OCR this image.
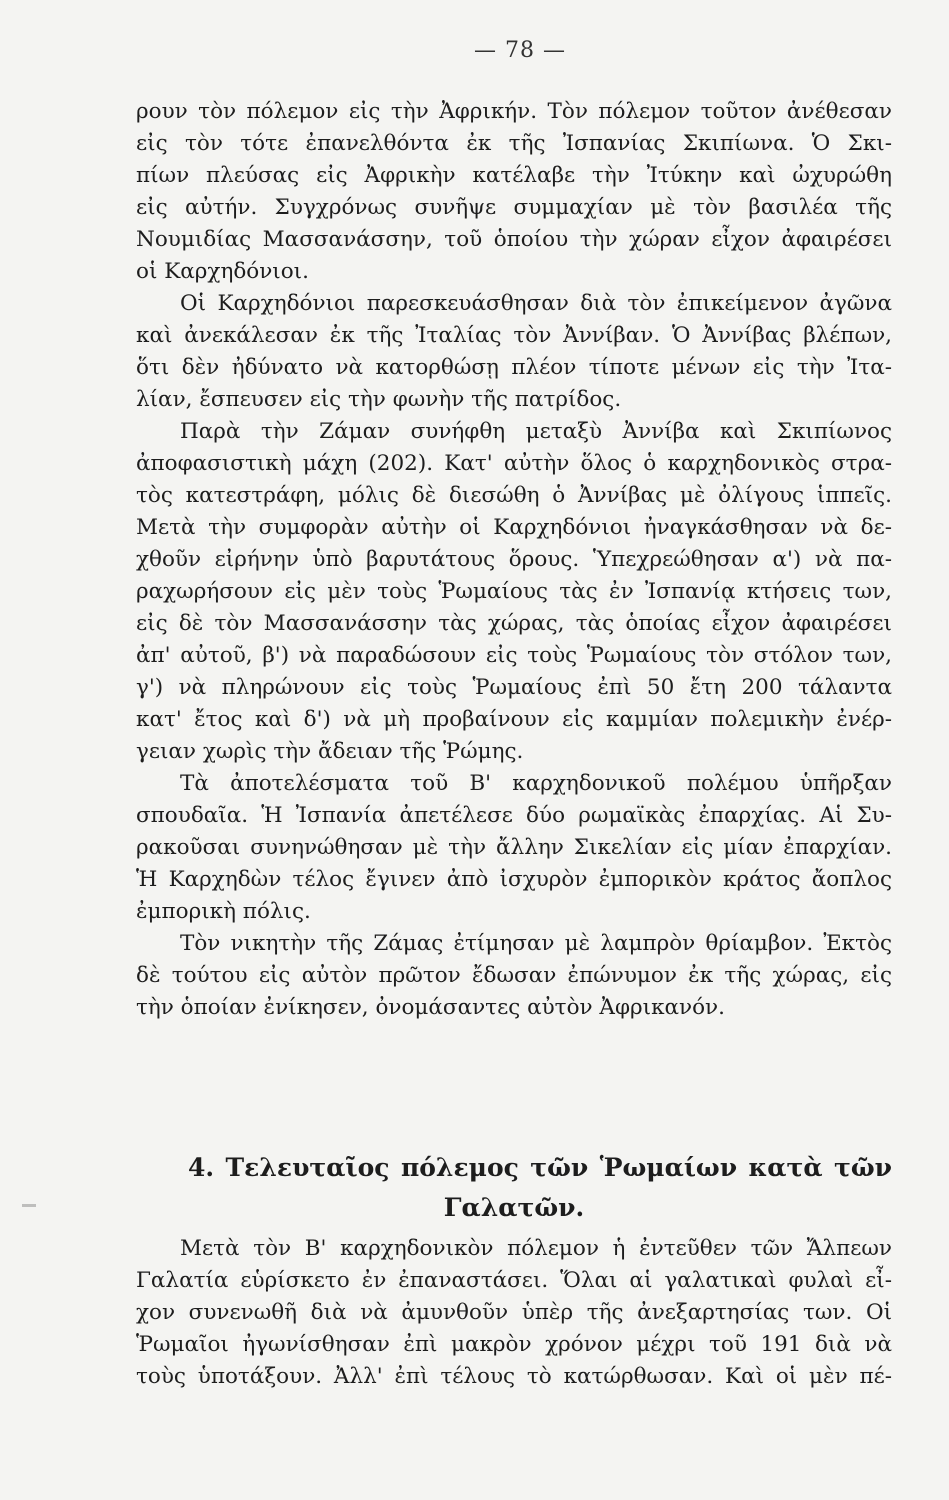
— 78 —
ρουν τὸν πόλεμον εἰς τὴν Ἀφρικήν. Τὸν πόλεμον τοῦτον ἀνέθεσαν
εἰς τὸν τότε ἐπανελθόντα ἐκ τῆς Ἰσπανίας Σκιπίωνα. Ὁ Σκι-
πίων πλεύσας εἰς Ἀφρικὴν κατέλαβε τὴν Ἰτύκην καὶ ὠχυρώθη
εἰς αὐτήν. Συγχρόνως συνῆψε συμμαχίαν μὲ τὸν βασιλέα τῆς
Νουμιδίας Μασσανάσσην, τοῦ ὁποίου τὴν χώραν εἶχον ἀφαιρέσει
οἱ Καρχηδόνιοι.
Οἱ Καρχηδόνιοι παρεσκευάσθησαν διὰ τὸν ἐπικείμενον ἀγῶνα
καὶ ἀνεκάλεσαν ἐκ τῆς Ἰταλίας τὸν Ἀννίβαν. Ὁ Ἀννίβας βλέπων,
ὅτι δὲν ἠδύνατο νὰ κατορθώσῃ πλέον τίποτε μένων εἰς τὴν Ἰτα-
λίαν, ἔσπευσεν εἰς τὴν φωνὴν τῆς πατρίδος.
Παρὰ τὴν Ζάμαν συνήφθη μεταξὺ Ἀννίβα καὶ Σκιπίωνος
ἀποφασιστικὴ μάχη (202). Κατ' αὐτὴν ὅλος ὁ καρχηδονικὸς στρα-
τὸς κατεστράφη, μόλις δὲ διεσώθη ὁ Ἀννίβας μὲ ὀλίγους ἱππεῖς.
Μετὰ τὴν συμφορὰν αὐτὴν οἱ Καρχηδόνιοι ἠναγκάσθησαν νὰ δε-
χθοῦν εἰρήνην ὑπὸ βαρυτάτους ὅρους. Ὑπεχρεώθησαν α') νὰ πα-
ραχωρήσουν εἰς μὲν τοὺς Ῥωμαίους τὰς ἐν Ἰσπανίᾳ κτήσεις των,
εἰς δὲ τὸν Μασσανάσσην τὰς χώρας, τὰς ὁποίας εἶχον ἀφαιρέσει
ἀπ' αὐτοῦ, β') νὰ παραδώσουν εἰς τοὺς Ῥωμαίους τὸν στόλον των,
γ') νὰ πληρώνουν εἰς τοὺς Ῥωμαίους ἐπὶ 50 ἔτη 200 τάλαντα
κατ' ἔτος καὶ δ') νὰ μὴ προβαίνουν εἰς καμμίαν πολεμικὴν ἐνέρ-
γειαν χωρὶς τὴν ἄδειαν τῆς Ῥώμης.
Τὰ ἀποτελέσματα τοῦ Β' καρχηδονικοῦ πολέμου ὑπῆρξαν
σπουδαῖα. Ἡ Ἰσπανία ἀπετέλεσε δύο ρωμαϊκὰς ἐπαρχίας. Αἱ Συ-
ρακοῦσαι συνηνώθησαν μὲ τὴν ἄλλην Σικελίαν εἰς μίαν ἐπαρχίαν.
Ἡ Καρχηδὼν τέλος ἔγινεν ἀπὸ ἰσχυρὸν ἐμπορικὸν κράτος ἄοπλος
ἐμπορικὴ πόλις.
Τὸν νικητὴν τῆς Ζάμας ἐτίμησαν μὲ λαμπρὸν θρίαμβον. Ἐκτὸς
δὲ τούτου εἰς αὐτὸν πρῶτον ἔδωσαν ἐπώνυμον ἐκ τῆς χώρας, εἰς
τὴν ὁποίαν ἐνίκησεν, ὀνομάσαντες αὐτὸν Ἀφρικανόν.
4. Τελευταῖος πόλεμος τῶν Ῥωμαίων κατὰ τῶν
Γαλατῶν.
Μετὰ τὸν Β' καρχηδονικὸν πόλεμον ἡ ἐντεῦθεν τῶν Ἄλπεων
Γαλατία εὑρίσκετο ἐν ἐπαναστάσει. Ὅλαι αἱ γαλατικαὶ φυλαὶ εἶ-
χον συνενωθῆ διὰ νὰ ἀμυνθοῦν ὑπὲρ τῆς ἀνεξαρτησίας των. Οἱ
Ῥωμαῖοι ἠγωνίσθησαν ἐπὶ μακρὸν χρόνον μέχρι τοῦ 191 διὰ νὰ
τοὺς ὑποτάξουν. Ἀλλ' ἐπὶ τέλους τὸ κατώρθωσαν. Καὶ οἱ μὲν πέ-
